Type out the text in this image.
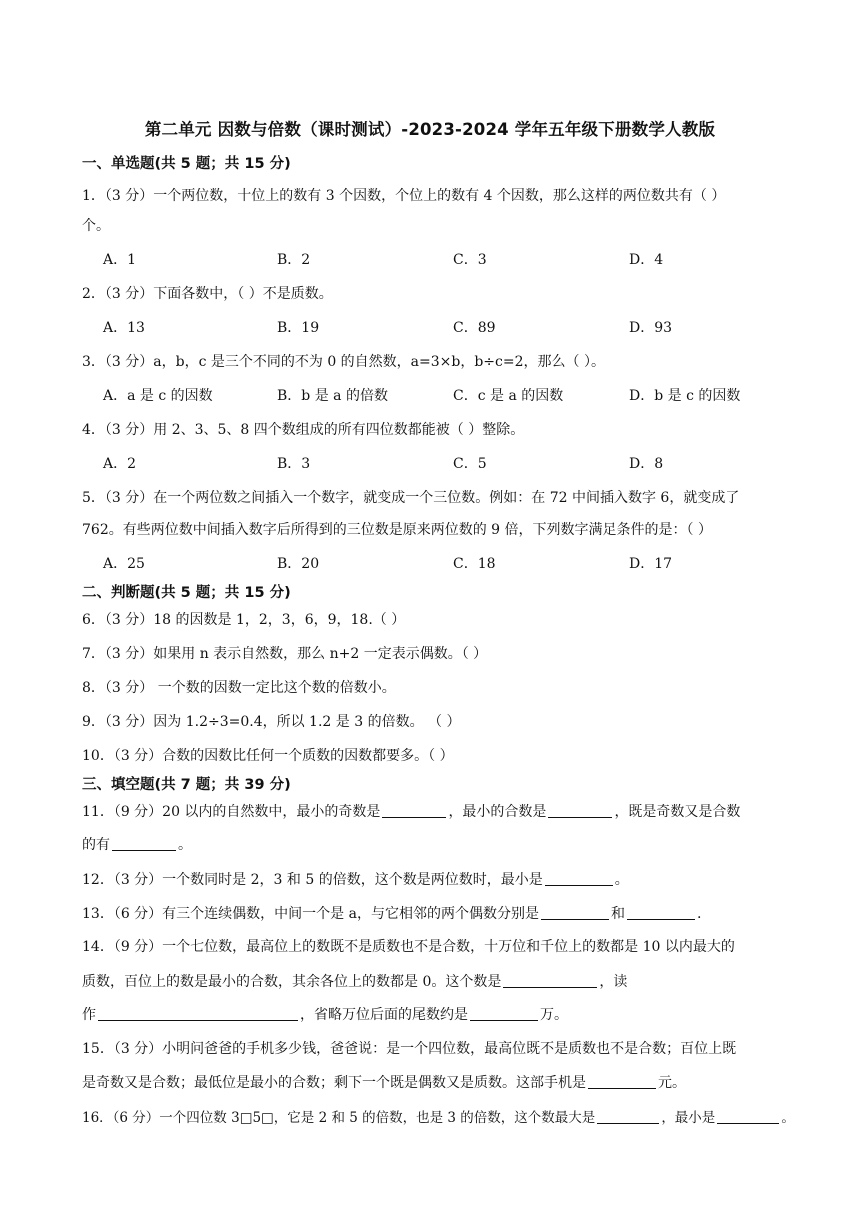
第二单元 因数与倍数（课时测试）-2023-2024 学年五年级下册数学人教版
一、单选题(共 5 题；共 15 分)
1．（3 分）一个两位数，十位上的数有 3 个因数，个位上的数有 4 个因数，那么这样的两位数共有（ ）
个。
A．1	B．2	C．3	D．4
2．（3 分）下面各数中，（ ）不是质数。
A．13	B．19	C．89	D．93
3．（3 分）a，b，c 是三个不同的不为 0 的自然数，a=3×b，b÷c=2，那么（ ）。
A．a 是 c 的因数	B．b 是 a 的倍数	C．c 是 a 的因数	D．b 是 c 的因数
4．（3 分）用 2、3、5、8 四个数组成的所有四位数都能被（ ）整除。
A．2	B．3	C．5	D．8
5．（3 分）在一个两位数之间插入一个数字，就变成一个三位数。例如：在 72 中间插入数字 6，就变成了
762。有些两位数中间插入数字后所得到的三位数是原来两位数的 9 倍，下列数字满足条件的是：（ ）
A．25	B．20	C．18	D．17
二、判断题(共 5 题；共 15 分)
6．（3 分）18 的因数是 1，2，3，6，9，18.（ ）
7．（3 分）如果用 n 表示自然数，那么 n+2 一定表示偶数。（ ）
8．（3 分） 一个数的因数一定比这个数的倍数小。
9．（3 分）因为 1.2÷3=0.4，所以 1.2 是 3 的倍数。 （ ）
10．（3 分）合数的因数比任何一个质数的因数都要多。（ ）
三、填空题(共 7 题；共 39 分)
11．（9 分）20 以内的自然数中，最小的奇数是	，最小的合数是	，既是奇数又是合数
的有	。
12．（3 分）一个数同时是 2，3 和 5 的倍数，这个数是两位数时，最小是	。
13．（6 分）有三个连续偶数，中间一个是 a，与它相邻的两个偶数分别是	和	.
14．（9 分）一个七位数，最高位上的数既不是质数也不是合数，十万位和千位上的数都是 10 以内最大的
质数，百位上的数是最小的合数，其余各位上的数都是 0。这个数是	，读
作	，省略万位后面的尾数约是	万。
15．（3 分）小明问爸爸的手机多少钱，爸爸说：是一个四位数，最高位既不是质数也不是合数；百位上既
是奇数又是合数；最低位是最小的合数；剩下一个既是偶数又是质数。这部手机是	元。
16．（6 分）一个四位数 3□5□，它是 2 和 5 的倍数，也是 3 的倍数，这个数最大是	，最小是	。
